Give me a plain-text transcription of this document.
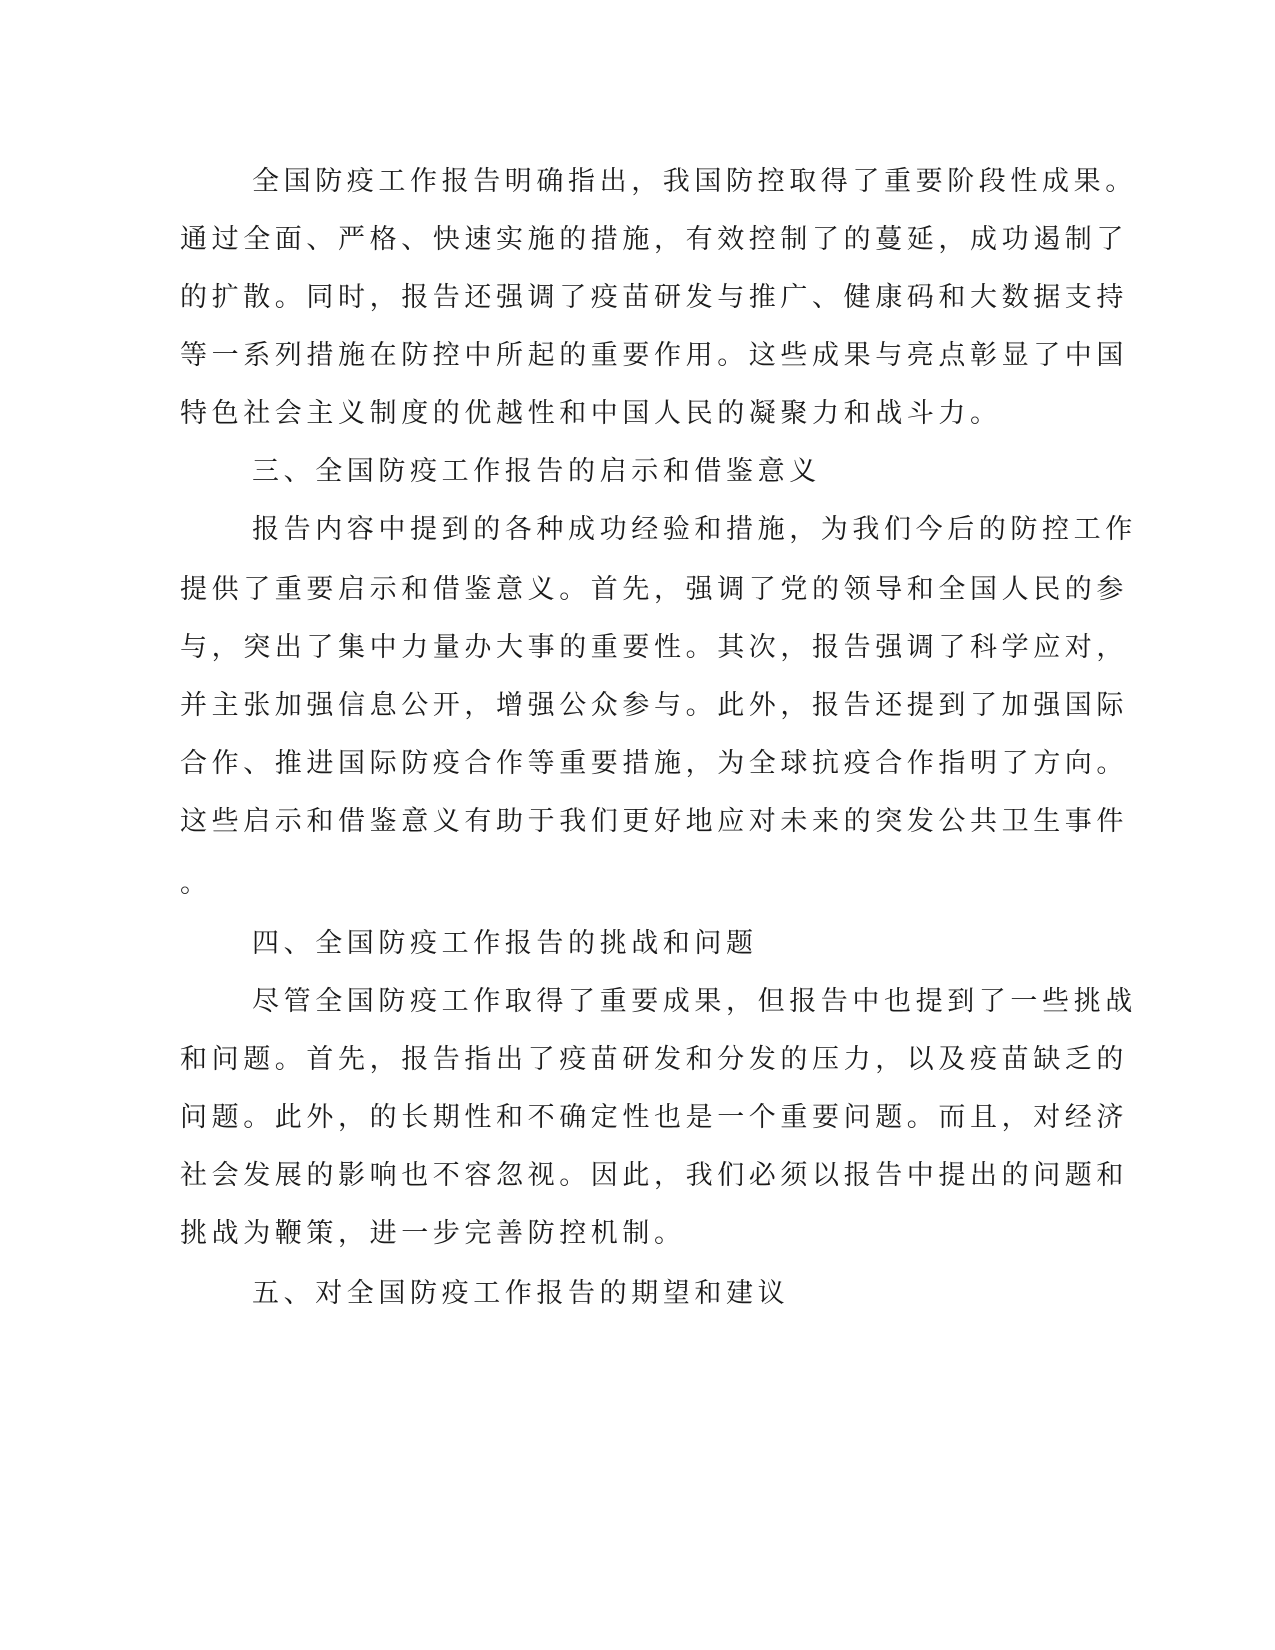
全国防疫工作报告明确指出，我国防控取得了重要阶段性成果。
通过全面、严格、快速实施的措施，有效控制了的蔓延，成功遏制了
的扩散。同时，报告还强调了疫苗研发与推广、健康码和大数据支持
等一系列措施在防控中所起的重要作用。这些成果与亮点彰显了中国
特色社会主义制度的优越性和中国人民的凝聚力和战斗力。
三、全国防疫工作报告的启示和借鉴意义
报告内容中提到的各种成功经验和措施，为我们今后的防控工作
提供了重要启示和借鉴意义。首先，强调了党的领导和全国人民的参
与，突出了集中力量办大事的重要性。其次，报告强调了科学应对，
并主张加强信息公开，增强公众参与。此外，报告还提到了加强国际
合作、推进国际防疫合作等重要措施，为全球抗疫合作指明了方向。
这些启示和借鉴意义有助于我们更好地应对未来的突发公共卫生事件
。
四、全国防疫工作报告的挑战和问题
尽管全国防疫工作取得了重要成果，但报告中也提到了一些挑战
和问题。首先，报告指出了疫苗研发和分发的压力，以及疫苗缺乏的
问题。此外，的长期性和不确定性也是一个重要问题。而且，对经济
社会发展的影响也不容忽视。因此，我们必须以报告中提出的问题和
挑战为鞭策，进一步完善防控机制。
五、对全国防疫工作报告的期望和建议
